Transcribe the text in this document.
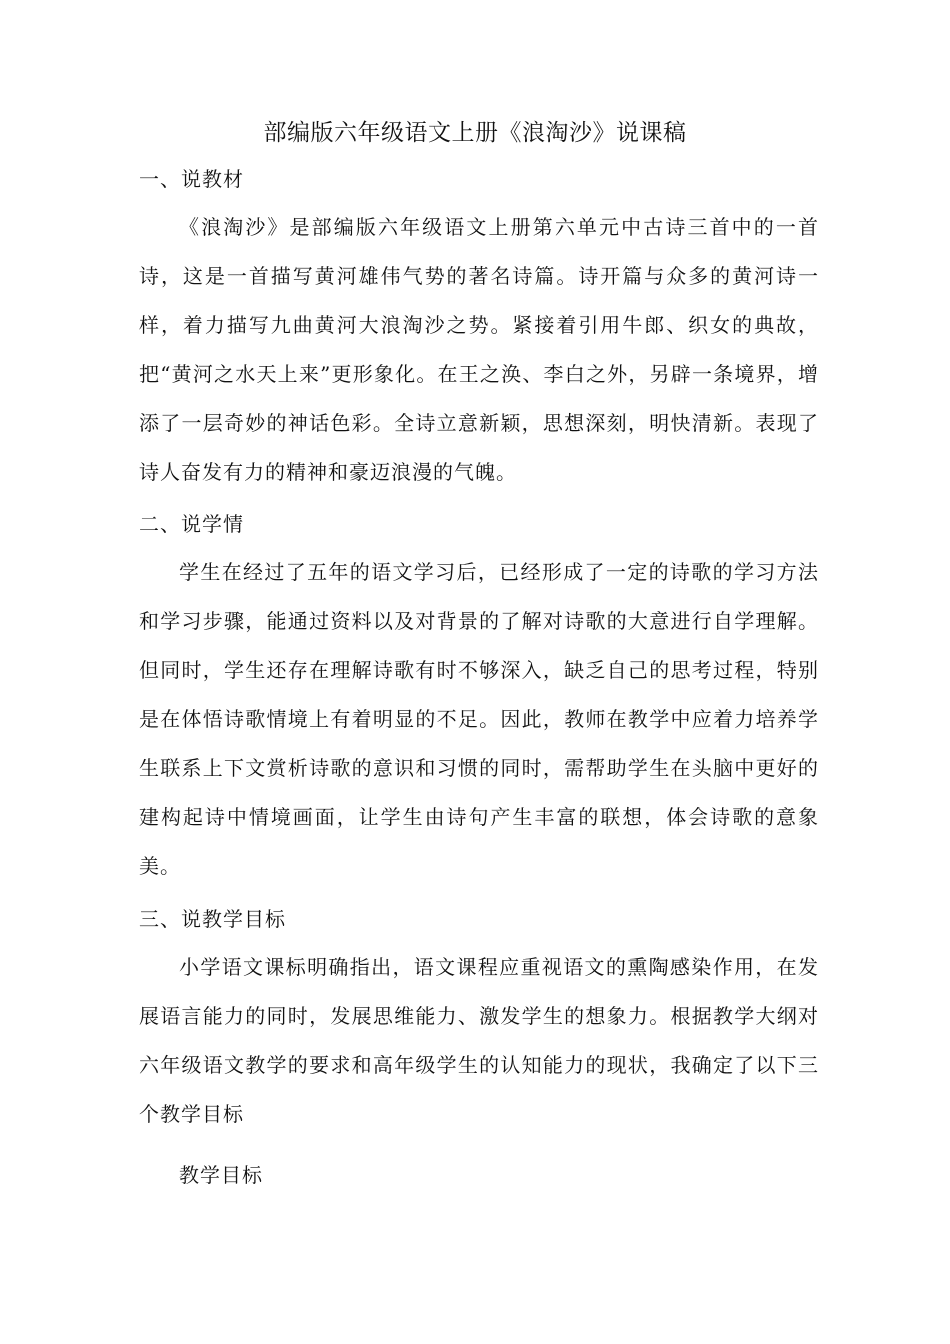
部编版六年级语文上册《浪淘沙》说课稿
一、说教材
《浪淘沙》是部编版六年级语文上册第六单元中古诗三首中的一首诗，这是一首描写黄河雄伟气势的著名诗篇。诗开篇与众多的黄河诗一样，着力描写九曲黄河大浪淘沙之势。紧接着引用牛郎、织女的典故，把“黄河之水天上来”更形象化。在王之涣、李白之外，另辟一条境界，增添了一层奇妙的神话色彩。全诗立意新颖，思想深刻，明快清新。表现了诗人奋发有力的精神和豪迈浪漫的气魄。
二、说学情
学生在经过了五年的语文学习后，已经形成了一定的诗歌的学习方法和学习步骤，能通过资料以及对背景的了解对诗歌的大意进行自学理解。但同时，学生还存在理解诗歌有时不够深入，缺乏自己的思考过程，特别是在体悟诗歌情境上有着明显的不足。因此，教师在教学中应着力培养学生联系上下文赏析诗歌的意识和习惯的同时，需帮助学生在头脑中更好的建构起诗中情境画面，让学生由诗句产生丰富的联想，体会诗歌的意象美。
三、说教学目标
小学语文课标明确指出，语文课程应重视语文的熏陶感染作用，在发展语言能力的同时，发展思维能力、激发学生的想象力。根据教学大纲对六年级语文教学的要求和高年级学生的认知能力的现状，我确定了以下三个教学目标
教学目标
